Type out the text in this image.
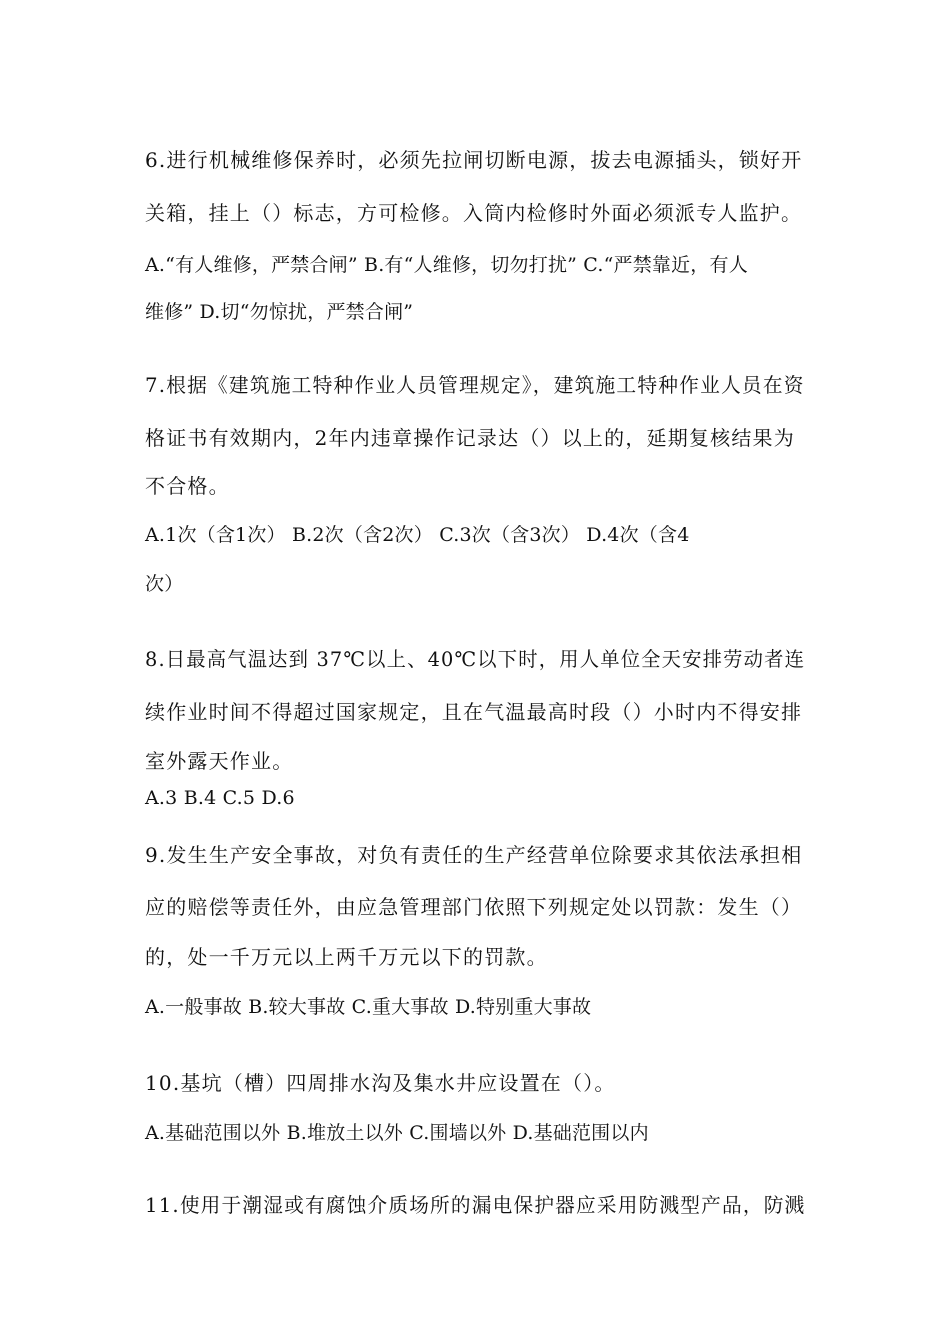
6.进行机械维修保养时，必须先拉闸切断电源，拔去电源插头，锁好开
关箱，挂上（）标志，方可检修。入筒内检修时外面必须派专人监护。
A.“有人维修，严禁合闸” B.有“人维修，切勿打扰” C.“严禁靠近，有人
维修” D.切“勿惊扰，严禁合闸”
7.根据《建筑施工特种作业人员管理规定》，建筑施工特种作业人员在资
格证书有效期内，2年内违章操作记录达（）以上的，延期复核结果为
不合格。
A.1次（含1次） B.2次（含2次） C.3次（含3次） D.4次（含4
次）
8.日最高气温达到 37℃以上、40℃以下时，用人单位全天安排劳动者连
续作业时间不得超过国家规定，且在气温最高时段（）小时内不得安排
室外露天作业。
A.3 B.4 C.5 D.6
9.发生生产安全事故，对负有责任的生产经营单位除要求其依法承担相
应的赔偿等责任外，由应急管理部门依照下列规定处以罚款：发生（）
的，处一千万元以上两千万元以下的罚款。
A.一般事故 B.较大事故 C.重大事故 D.特别重大事故
10.基坑（槽）四周排水沟及集水井应设置在（）。
A.基础范围以外 B.堆放土以外 C.围墙以外 D.基础范围以内
11.使用于潮湿或有腐蚀介质场所的漏电保护器应采用防溅型产品，防溅
